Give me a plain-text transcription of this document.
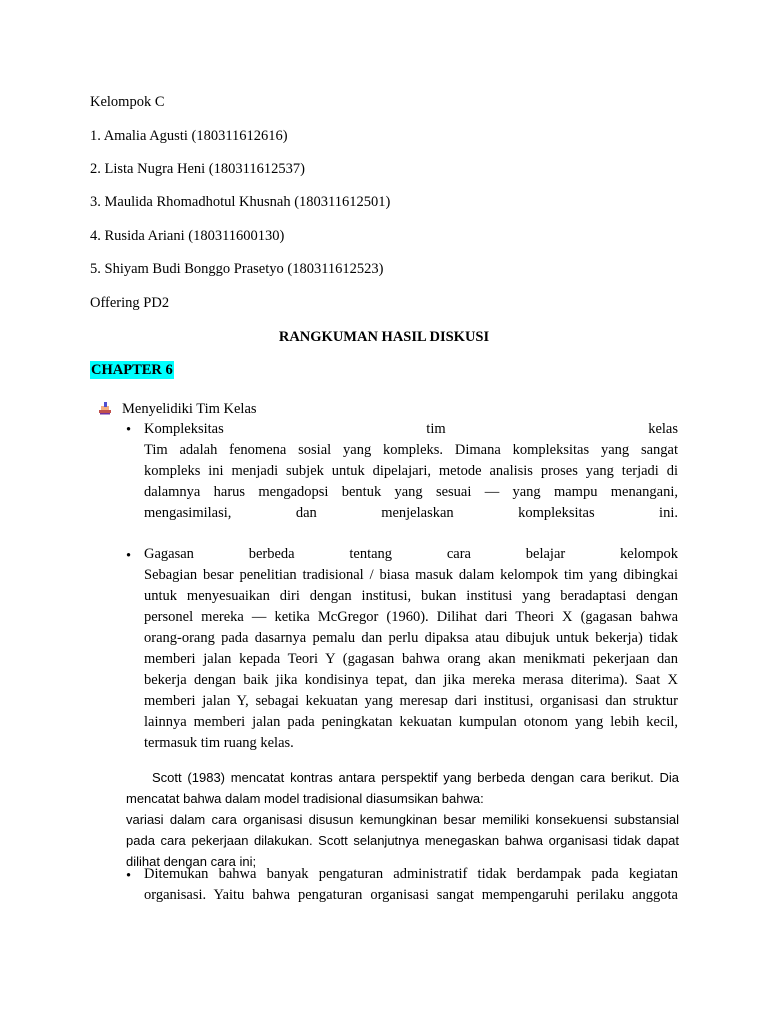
Kelompok C
1. Amalia Agusti (180311612616)
2. Lista Nugra Heni (180311612537)
3. Maulida Rhomadhotul Khusnah (180311612501)
4. Rusida Ariani (180311600130)
5. Shiyam Budi Bonggo Prasetyo (180311612523)
Offering PD2
RANGKUMAN HASIL DISKUSI
CHAPTER 6
Menyelidiki Tim Kelas
• Kompleksitas tim kelas
Tim adalah fenomena sosial yang kompleks. Dimana kompleksitas yang sangat
kompleks ini menjadi subjek untuk dipelajari, metode analisis proses yang terjadi di
dalamnya harus mengadopsi bentuk yang sesuai — yang mampu menangani,
mengasimilasi, dan menjelaskan kompleksitas ini.
• Gagasan berbeda tentang cara belajar kelompok
Sebagian besar penelitian tradisional / biasa masuk dalam kelompok tim yang dibingkai
untuk menyesuaikan diri dengan institusi, bukan institusi yang beradaptasi dengan
personel mereka — ketika McGregor (1960). Dilihat dari Theori X (gagasan bahwa
orang-orang pada dasarnya pemalu dan perlu dipaksa atau dibujuk untuk bekerja) tidak
memberi jalan kepada Teori Y (gagasan bahwa orang akan menikmati pekerjaan dan
bekerja dengan baik jika kondisinya tepat, dan jika mereka merasa diterima). Saat X
memberi jalan Y, sebagai kekuatan yang meresap dari institusi, organisasi dan struktur
lainnya memberi jalan pada peningkatan kekuatan kumpulan otonom yang lebih kecil,
termasuk tim ruang kelas.
Scott (1983) mencatat kontras antara perspektif yang berbeda dengan cara berikut. Dia
mencatat bahwa dalam model tradisional diasumsikan bahwa:
variasi dalam cara organisasi disusun kemungkinan besar memiliki konsekuensi substansial
pada cara pekerjaan dilakukan. Scott selanjutnya menegaskan bahwa organisasi tidak dapat
dilihat dengan cara ini;
• Ditemukan bahwa banyak pengaturan administratif tidak berdampak pada kegiatan
organisasi. Yaitu bahwa pengaturan organisasi sangat mempengaruhi perilaku anggota
